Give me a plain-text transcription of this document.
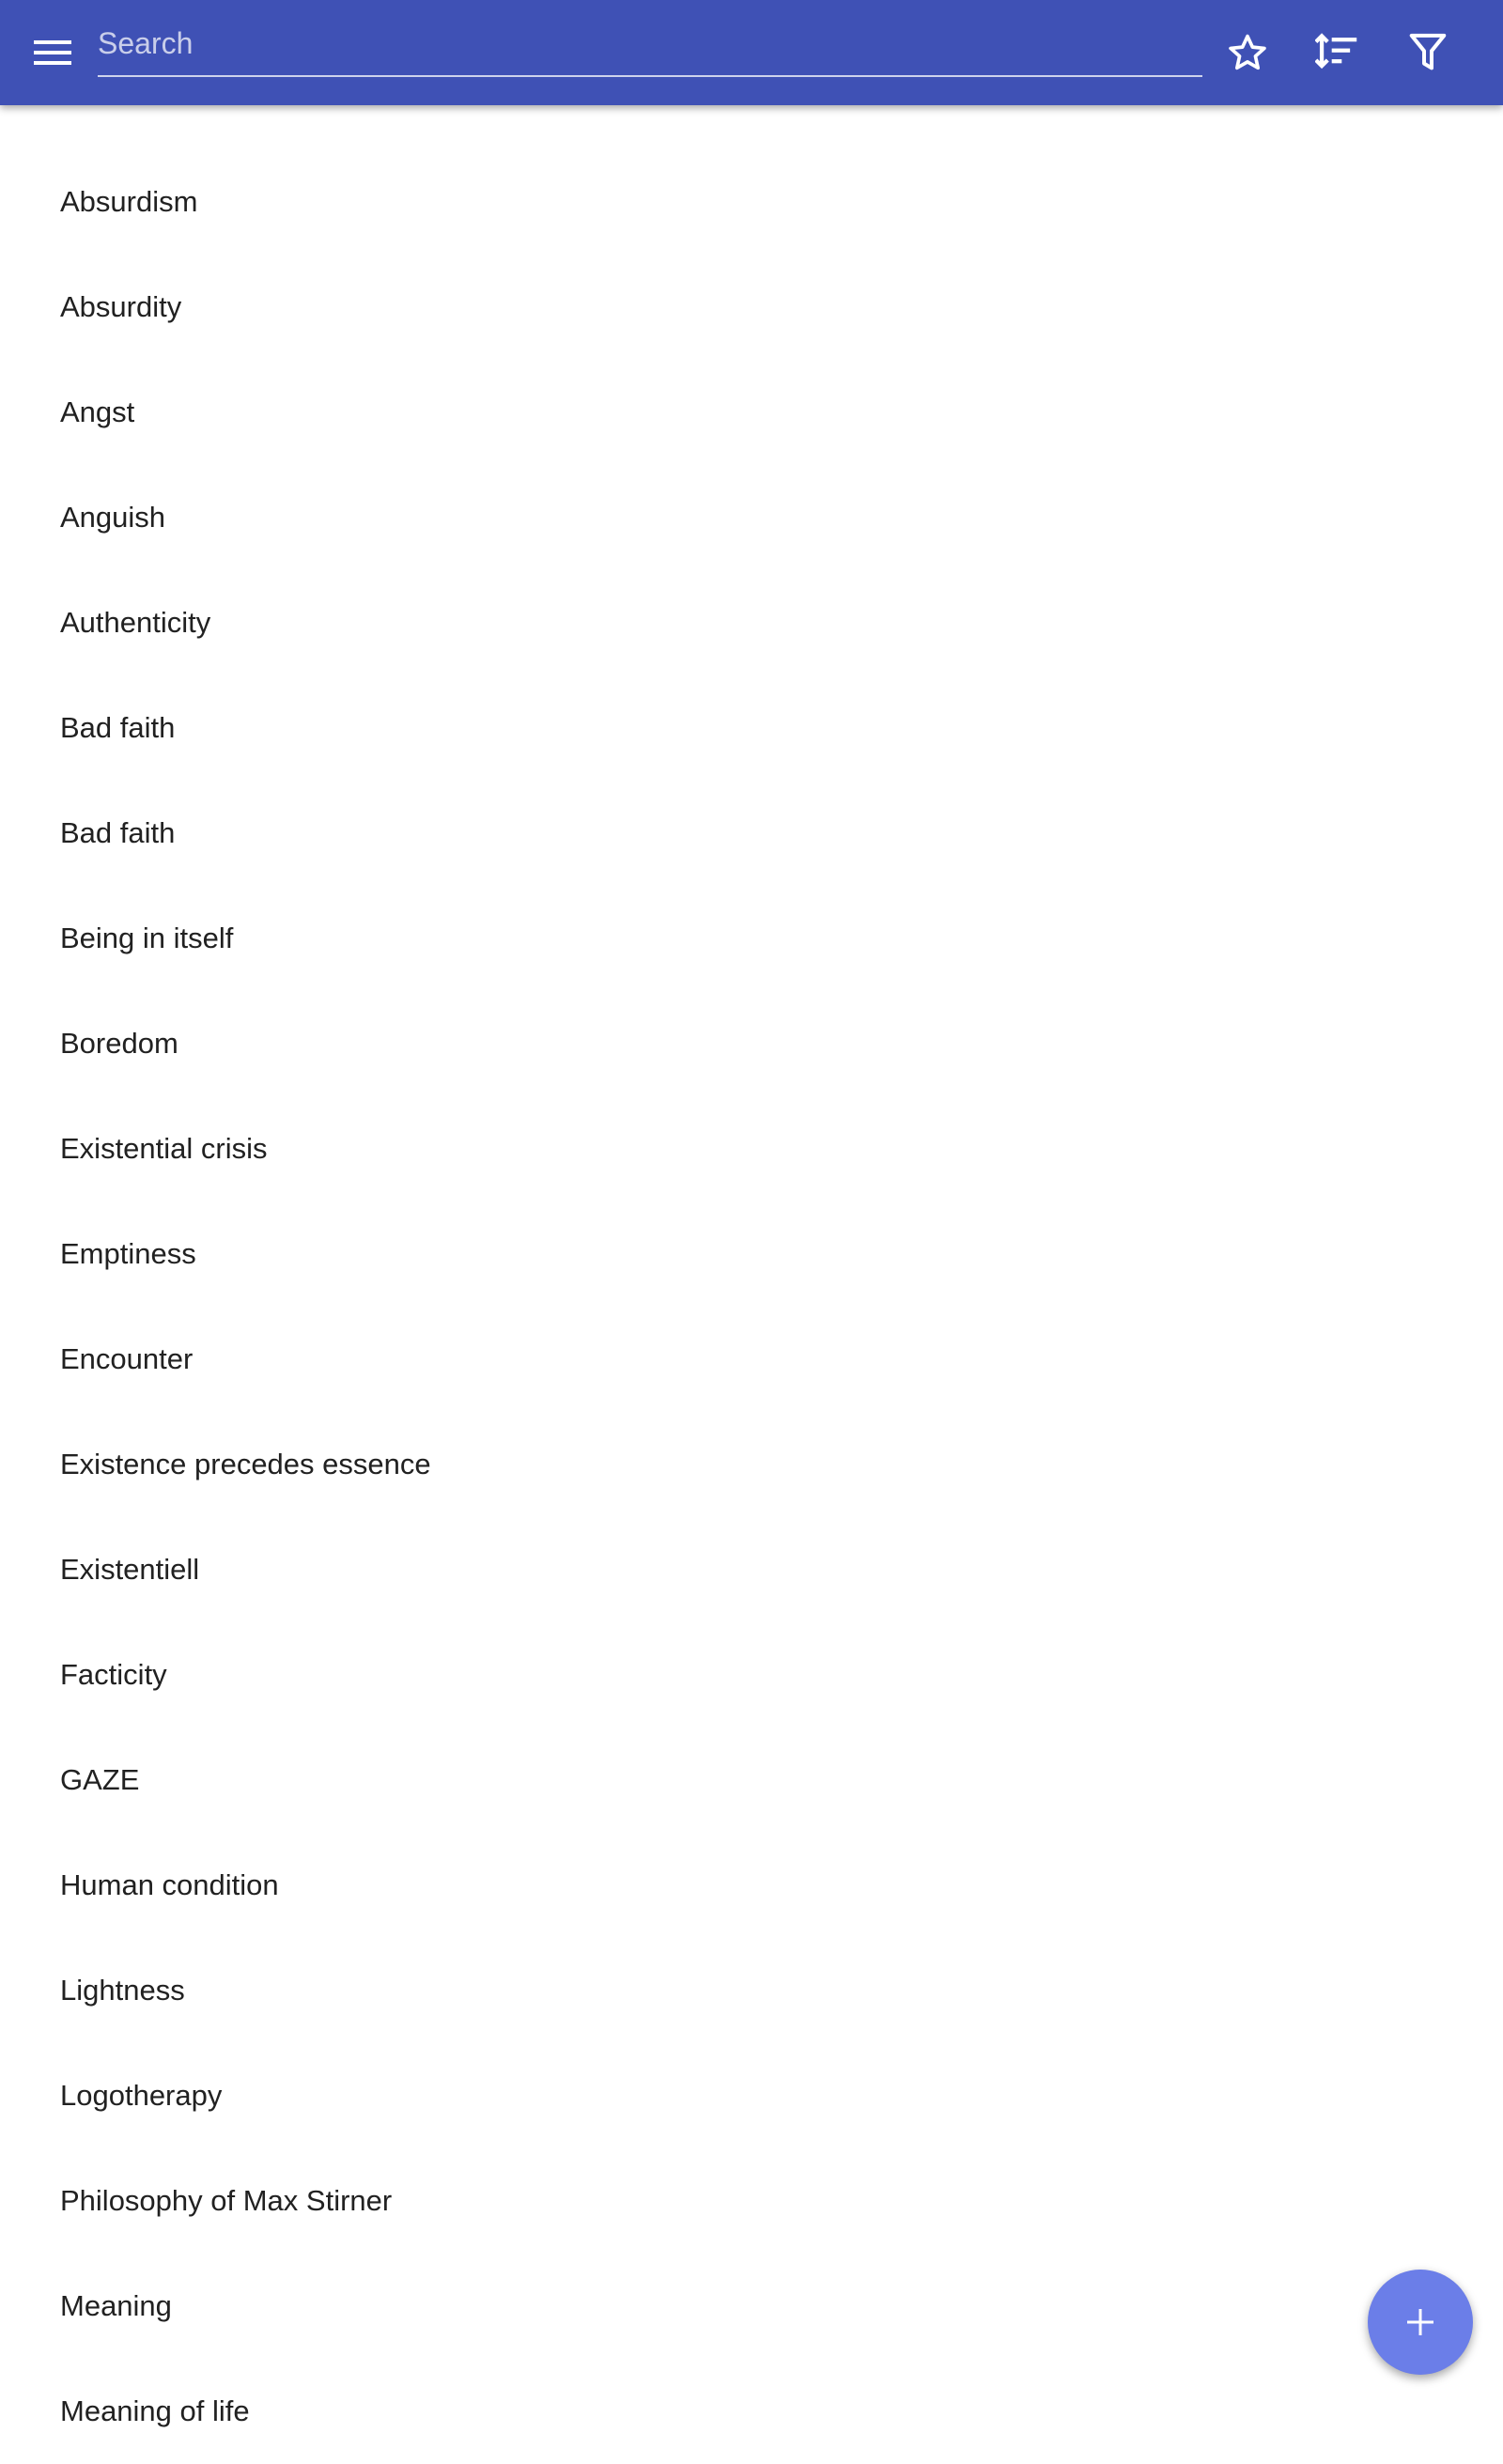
Search
Absurdism
Absurdity
Angst
Anguish
Authenticity
Bad faith
Bad faith
Being in itself
Boredom
Existential crisis
Emptiness
Encounter
Existence precedes essence
Existentiell
Facticity
GAZE
Human condition
Lightness
Logotherapy
Philosophy of Max Stirner
Meaning
Meaning of life
